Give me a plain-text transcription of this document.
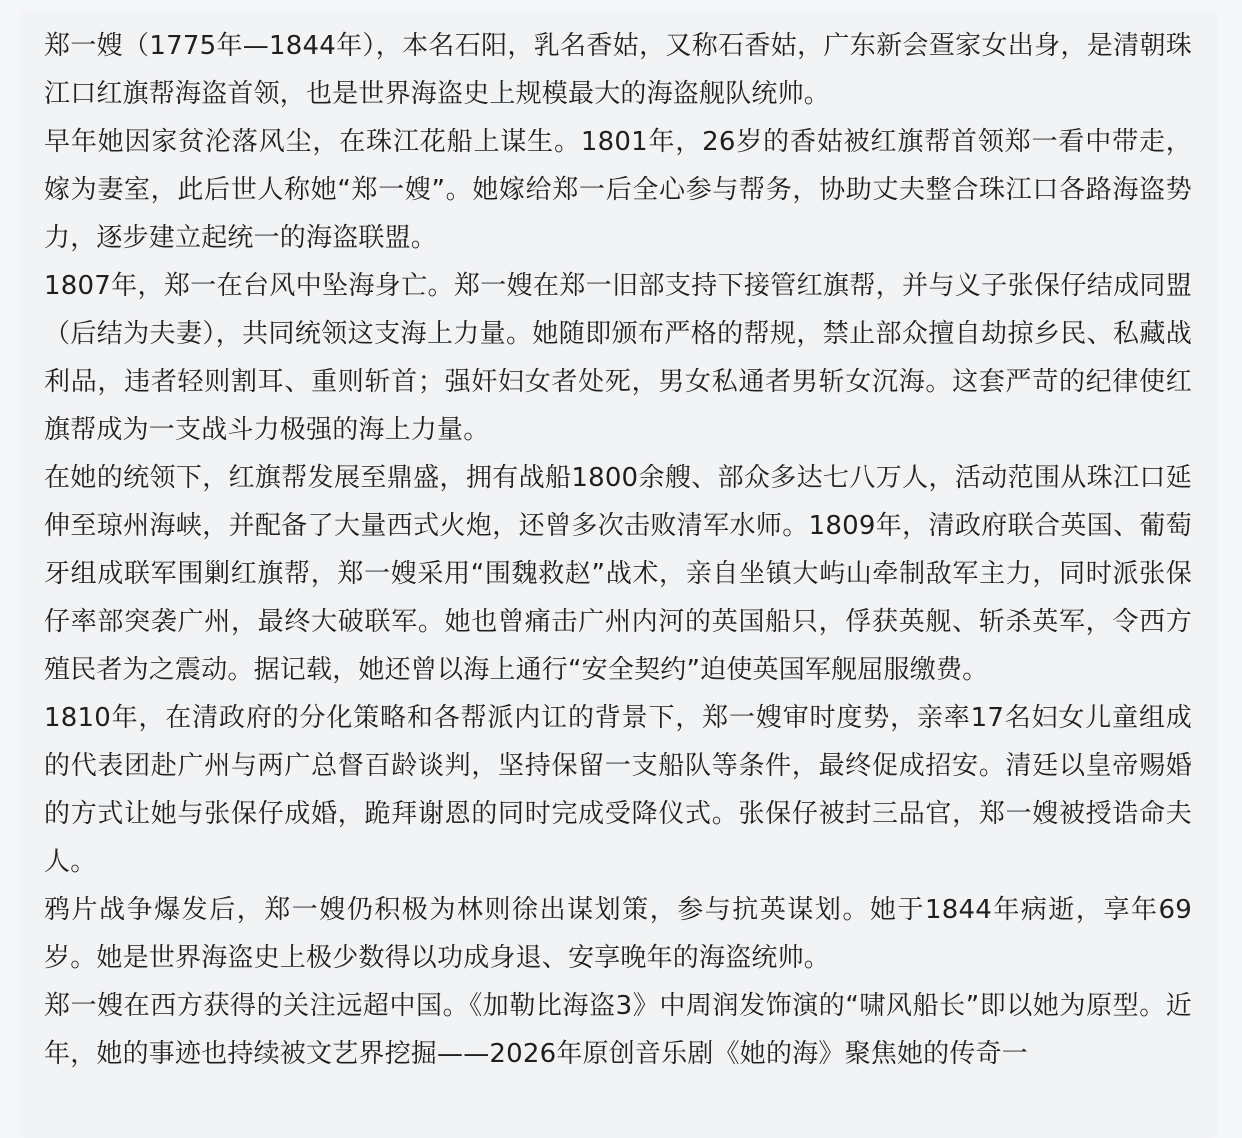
郑一嫂（1775年—1844年），本名石阳，乳名香姑，又称石香姑，广东新会疍家女出身，是清朝珠江口红旗帮海盗首领，也是世界海盗史上规模最大的海盗舰队统帅。

早年她因家贫沦落风尘，在珠江花船上谋生。1801年，26岁的香姑被红旗帮首领郑一看中带走，嫁为妻室，此后世人称她“郑一嫂”。她嫁给郑一后全心参与帮务，协助丈夫整合珠江口各路海盗势力，逐步建立起统一的海盗联盟。

1807年，郑一在台风中坠海身亡。郑一嫂在郑一旧部支持下接管红旗帮，并与义子张保仔结成同盟（后结为夫妻），共同统领这支海上力量。她随即颁布严格的帮规，禁止部众擅自劫掠乡民、私藏战利品，违者轻则割耳、重则斩首；强奸妇女者处死，男女私通者男斩女沉海。这套严苛的纪律使红旗帮成为一支战斗力极强的海上力量。

在她的统领下，红旗帮发展至鼎盛，拥有战船1800余艘、部众多达七八万人，活动范围从珠江口延伸至琼州海峡，并配备了大量西式火炮，还曾多次击败清军水师。1809年，清政府联合英国、葡萄牙组成联军围剿红旗帮，郑一嫂采用“围魏救赵”战术，亲自坐镇大屿山牵制敌军主力，同时派张保仔率部突袭广州，最终大破联军。她也曾痛击广州内河的英国船只，俘获英舰、斩杀英军，令西方殖民者为之震动。据记载，她还曾以海上通行“安全契约”迫使英国军舰屈服缴费。

1810年，在清政府的分化策略和各帮派内讧的背景下，郑一嫂审时度势，亲率17名妇女儿童组成的代表团赴广州与两广总督百龄谈判，坚持保留一支船队等条件，最终促成招安。清廷以皇帝赐婚的方式让她与张保仔成婚，跪拜谢恩的同时完成受降仪式。张保仔被封三品官，郑一嫂被授诰命夫人。

鸦片战争爆发后，郑一嫂仍积极为林则徐出谋划策，参与抗英谋划。她于1844年病逝，享年69岁。她是世界海盗史上极少数得以功成身退、安享晚年的海盗统帅。

郑一嫂在西方获得的关注远超中国。《加勒比海盗3》中周润发饰演的“啸风船长”即以她为原型。近年，她的事迹也持续被文艺界挖掘——2026年原创音乐剧《她的海》聚焦她的传奇一
